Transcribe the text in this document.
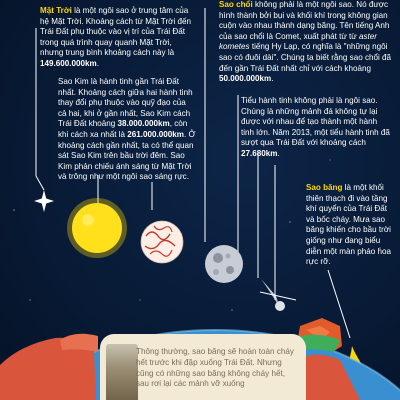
Mặt Trời là một ngôi sao ở trung tâm của hệ Mặt Trời. Khoảng cách từ Mặt Trời đến Trái Đất phụ thuộc vào vị trí của Trái Đất trong quá trình quay quanh Mặt Trời, nhưng trung bình khoảng cách này là 149.600.000km.

Sao Kim là hành tinh gần Trái Đất nhất. Khoảng cách giữa hai hành tinh thay đổi phụ thuộc vào quỹ đạo của cả hai, khi ở gần nhất, Sao Kim cách Trái Đất khoảng 38.000.000km, còn khi cách xa nhất là 261.000.000km. Ở khoảng cách gần nhất, ta có thể quan sát Sao Kim trên bầu trời đêm. Sao Kim phản chiếu ánh sáng từ Mặt Trời và trông như một ngôi sao sáng rực.

Sao chổi không phải là một ngôi sao. Nó được hình thành bởi bụi và khối khí trong không gian cuộn vào nhau thành dạng băng. Tên tiếng Anh của sao chổi là Comet, xuất phát từ từ aster kometes tiếng Hy Lạp, có nghĩa là "những ngôi sao có đuôi dài". Chúng ta biết rằng sao chổi đã đến gần Trái Đất nhất chỉ với cách khoảng 50.000.000km.

Tiểu hành tinh không phải là ngôi sao. Chúng là những mảnh đá không tự lại được với nhau để tạo thành một hành tinh lớn. Năm 2013, một tiểu hành tinh đã sượt qua Trái Đất với khoảng cách 27.680km.

Sao băng là một khối thiên thạch đi vào tầng khí quyển của Trái Đất và bốc cháy. Mưa sao băng khiến cho bầu trời giống như đang biểu diễn một màn pháo hoa rực rỡ.

Thông thường, sao băng sẽ hoàn toàn cháy hết trước khi đập xuống Trái Đất. Nhưng cũng có những sao băng không cháy hết, sau rơi lại các mảnh vỡ xuống
